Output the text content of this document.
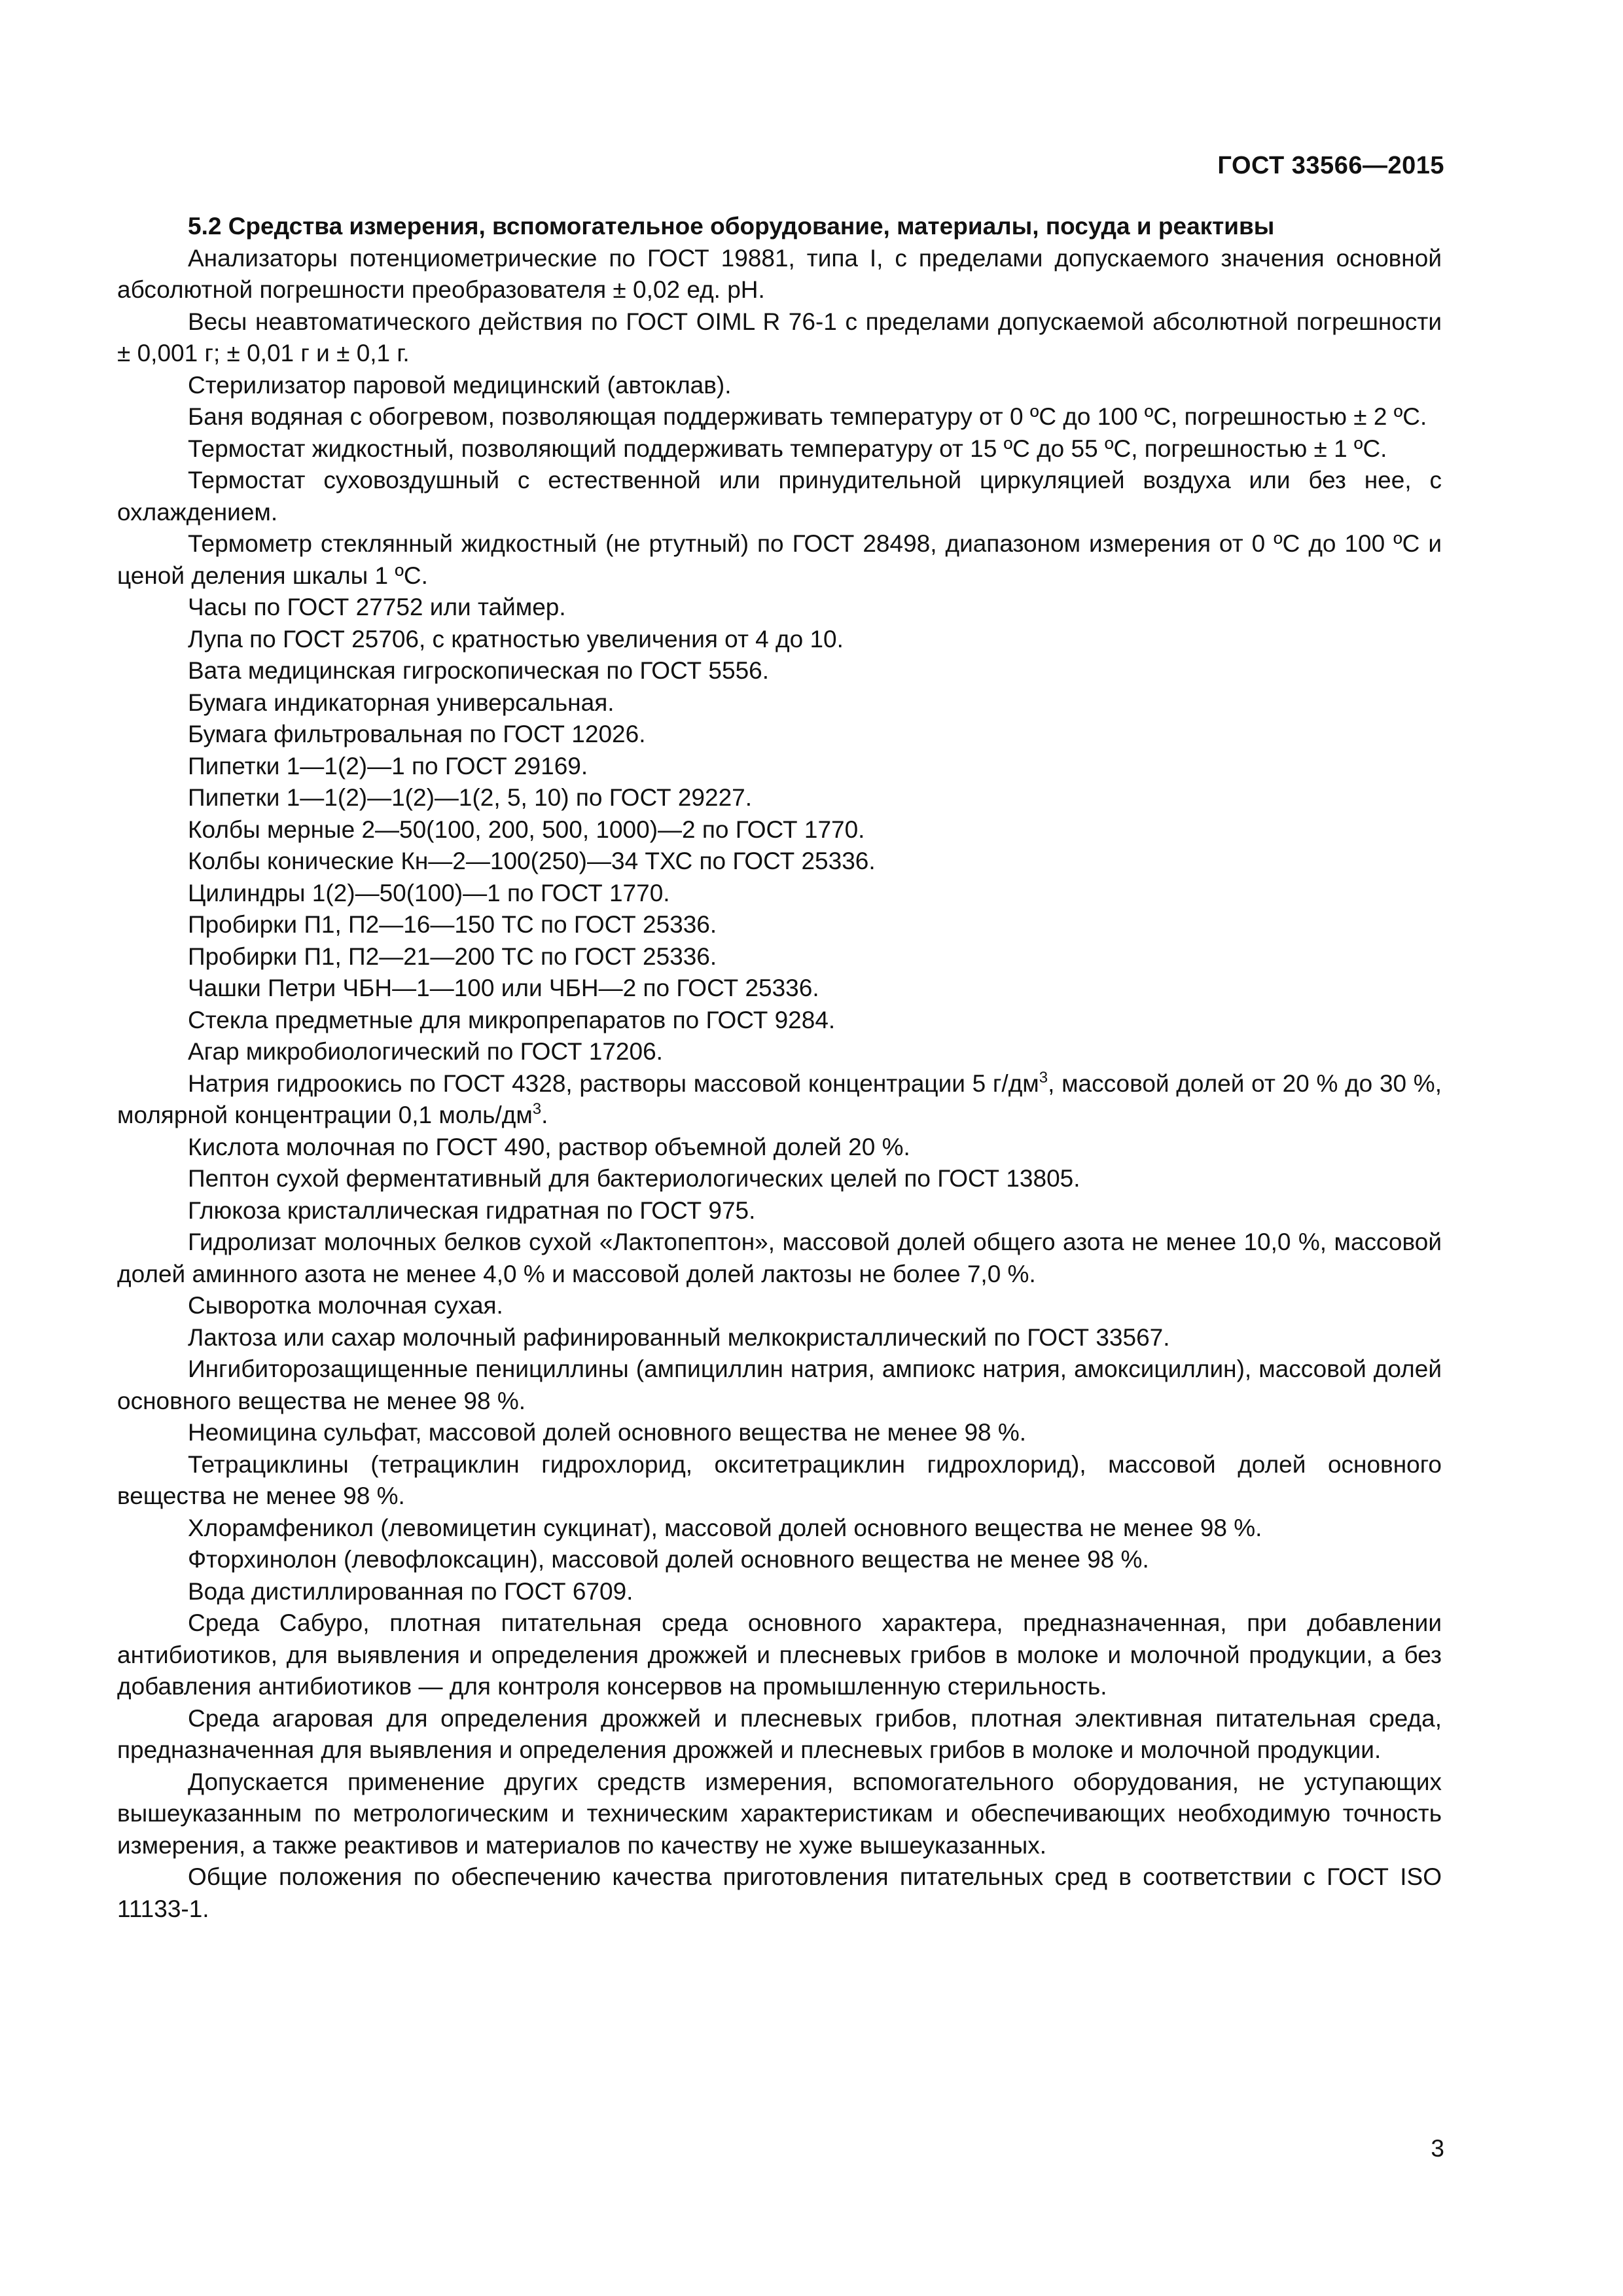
ГОСТ 33566—2015

5.2 Средства измерения, вспомогательное оборудование, материалы, посуда и реактивы

Анализаторы потенциометрические по ГОСТ 19881, типа I, с пределами допускаемого значения основной абсолютной погрешности преобразователя ± 0,02 ед. pH.

Весы неавтоматического действия по ГОСТ OIML R 76-1 с пределами допускаемой абсолютной погрешности ± 0,001 г; ± 0,01 г и ± 0,1 г.

Стерилизатор паровой медицинский (автоклав).

Баня водяная с обогревом, позволяющая поддерживать температуру от 0 ºС до 100 ºС, погрешностью ± 2 ºС.

Термостат жидкостный, позволяющий поддерживать температуру от 15 ºС до 55 ºС, погрешностью ± 1 ºС.

Термостат суховоздушный с естественной или принудительной циркуляцией воздуха или без нее, с охлаждением.

Термометр стеклянный жидкостный (не ртутный) по ГОСТ 28498, диапазоном измерения от 0 ºС до 100 ºС и ценой деления шкалы 1 ºС.

Часы по ГОСТ 27752 или таймер.

Лупа по ГОСТ 25706, с кратностью увеличения от 4 до 10.

Вата медицинская гигроскопическая по ГОСТ 5556.

Бумага индикаторная универсальная.

Бумага фильтровальная по ГОСТ 12026.

Пипетки 1—1(2)—1 по ГОСТ 29169.

Пипетки 1—1(2)—1(2)—1(2, 5, 10) по ГОСТ 29227.

Колбы мерные 2—50(100, 200, 500, 1000)—2 по ГОСТ 1770.

Колбы конические Кн—2—100(250)—34 ТХС по ГОСТ 25336.

Цилиндры 1(2)—50(100)—1 по ГОСТ 1770.

Пробирки П1, П2—16—150 ТС по ГОСТ 25336.

Пробирки П1, П2—21—200 ТС по ГОСТ 25336.

Чашки Петри ЧБН—1—100 или ЧБН—2 по ГОСТ 25336.

Стекла предметные для микропрепаратов по ГОСТ 9284.

Агар микробиологический по ГОСТ 17206.

Натрия гидроокись по ГОСТ 4328, растворы массовой концентрации 5 $г/дм^3$, массовой долей от 20 % до 30 %, молярной концентрации 0,1 моль/$дм^3$.

Кислота молочная по ГОСТ 490, раствор объемной долей 20 %.

Пептон сухой ферментативный для бактериологических целей по ГОСТ 13805.

Глюкоза кристаллическая гидратная по ГОСТ 975.

Гидролизат молочных белков сухой «Лактопептон», массовой долей общего азота не менее 10,0 %, массовой долей аминного азота не менее 4,0 % и массовой долей лактозы не более 7,0 %.

Сыворотка молочная сухая.

Лактоза или сахар молочный рафинированный мелкокристаллический по ГОСТ 33567.

Ингибиторозащищенные пенициллины (ампициллин натрия, ампиокс натрия, амоксициллин), массовой долей основного вещества не менее 98 %.

Неомицина сульфат, массовой долей основного вещества не менее 98 %.

Тетрациклины (тетрациклин гидрохлорид, окситетрациклин гидрохлорид), массовой долей основного вещества не менее 98 %.

Хлорамфеникол (левомицетин сукцинат), массовой долей основного вещества не менее 98 %.

Фторхинолон (левофлоксацин), массовой долей основного вещества не менее 98 %.

Вода дистиллированная по ГОСТ 6709.

Среда Сабуро, плотная питательная среда основного характера, предназначенная, при добавлении антибиотиков, для выявления и определения дрожжей и плесневых грибов в молоке и молочной продукции, а без добавления антибиотиков — для контроля консервов на промышленную стерильность.

Среда агаровая для определения дрожжей и плесневых грибов, плотная элективная питательная среда, предназначенная для выявления и определения дрожжей и плесневых грибов в молоке и молочной продукции.

Допускается применение других средств измерения, вспомогательного оборудования, не уступающих вышеуказанным по метрологическим и техническим характеристикам и обеспечивающих необходимую точность измерения, а также реактивов и материалов по качеству не хуже вышеуказанных.

Общие положения по обеспечению качества приготовления питательных сред в соответствии с ГОСТ ISO 11133-1.

3
